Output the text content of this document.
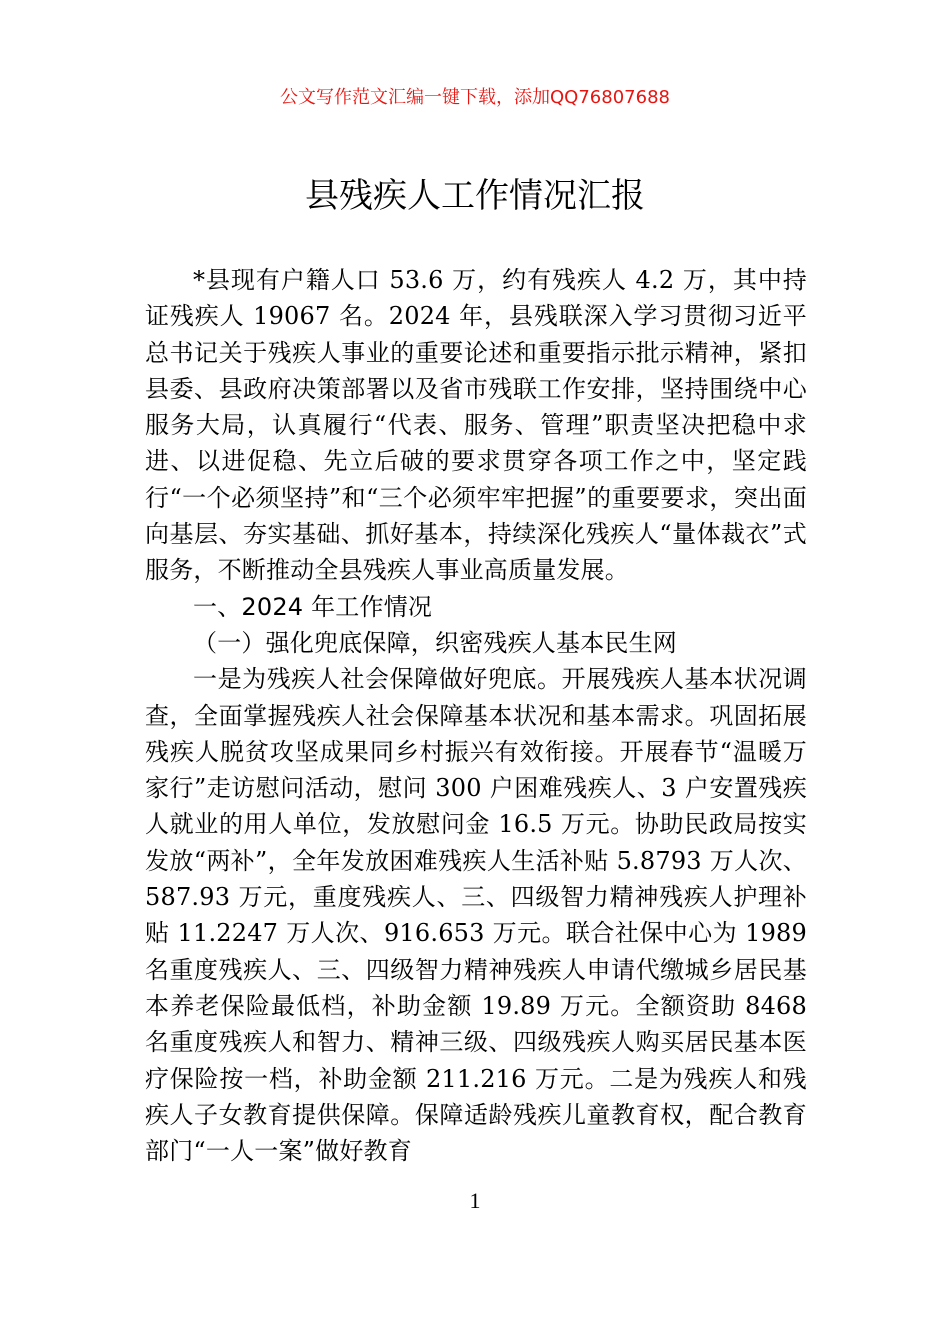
公文写作范文汇编一键下载，添加QQ76807688
县残疾人工作情况汇报

*县现有户籍人口 53.6 万，约有残疾人 4.2 万，其中持证残疾人 19067 名。2024 年，县残联深入学习贯彻习近平总书记关于残疾人事业的重要论述和重要指示批示精神，紧扣县委、县政府决策部署以及省市残联工作安排，坚持围绕中心服务大局，认真履行“代表、服务、管理”职责坚决把稳中求进、以进促稳、先立后破的要求贯穿各项工作之中，坚定践行“一个必须坚持”和“三个必须牢牢把握”的重要要求，突出面向基层、夯实基础、抓好基本，持续深化残疾人“量体裁衣”式服务，不断推动全县残疾人事业高质量发展。

一、2024 年工作情况

（一）强化兜底保障，织密残疾人基本民生网

一是为残疾人社会保障做好兜底。开展残疾人基本状况调查，全面掌握残疾人社会保障基本状况和基本需求。巩固拓展残疾人脱贫攻坚成果同乡村振兴有效衔接。开展春节“温暖万家行”走访慰问活动，慰问 300 户困难残疾人、3 户安置残疾人就业的用人单位，发放慰问金 16.5 万元。协助民政局按实发放“两补”，全年发放困难残疾人生活补贴 5.8793 万人次、587.93 万元，重度残疾人、三、四级智力精神残疾人护理补贴 11.2247 万人次、916.653 万元。联合社保中心为 1989 名重度残疾人、三、四级智力精神残疾人申请代缴城乡居民基本养老保险最低档，补助金额 19.89 万元。全额资助 8468 名重度残疾人和智力、精神三级、四级残疾人购买居民基本医疗保险按一档，补助金额 211.216 万元。二是为残疾人和残疾人子女教育提供保障。保障适龄残疾儿童教育权，配合教育部门“一人一案”做好教育

1
